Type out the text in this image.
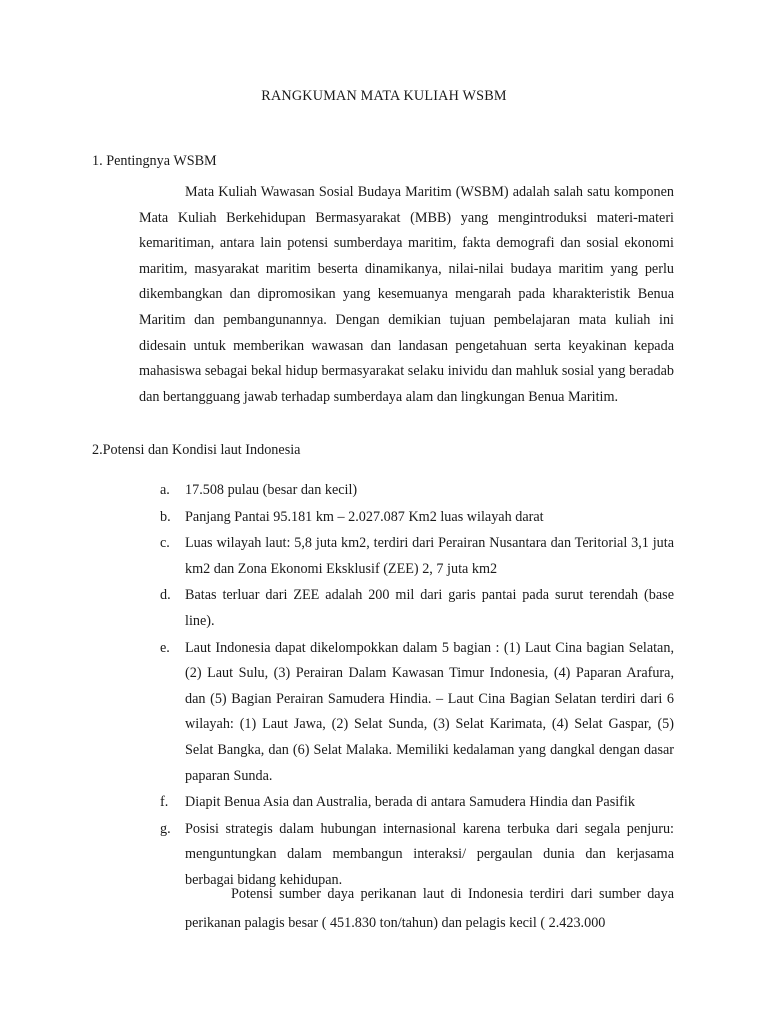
RANGKUMAN MATA KULIAH WSBM
1. Pentingnya WSBM

Mata Kuliah Wawasan Sosial Budaya Maritim (WSBM) adalah salah satu komponen Mata Kuliah Berkehidupan Bermasyarakat (MBB) yang mengintroduksi materi-materi kemaritiman, antara lain potensi sumberdaya maritim, fakta demografi dan sosial ekonomi maritim, masyarakat maritim beserta dinamikanya, nilai-nilai budaya maritim yang perlu dikembangkan dan dipromosikan yang kesemuanya mengarah pada kharakteristik Benua Maritim dan pembangunannya. Dengan demikian tujuan pembelajaran mata kuliah ini didesain untuk memberikan wawasan dan landasan pengetahuan serta keyakinan kepada mahasiswa sebagai bekal hidup bermasyarakat selaku inividu dan mahluk sosial yang beradab dan bertangguang jawab terhadap sumberdaya alam dan lingkungan Benua Maritim.

2.Potensi dan Kondisi laut Indonesia
a. 17.508 pulau (besar dan kecil)
b. Panjang Pantai 95.181 km – 2.027.087 Km2 luas wilayah darat
c. Luas wilayah laut: 5,8 juta km2, terdiri dari Perairan Nusantara dan Teritorial 3,1 juta km2 dan Zona Ekonomi Eksklusif (ZEE) 2, 7 juta km2
d. Batas terluar dari ZEE adalah 200 mil dari garis pantai pada surut terendah (base line).
e. Laut Indonesia dapat dikelompokkan dalam 5 bagian : (1) Laut Cina bagian Selatan, (2) Laut Sulu, (3) Perairan Dalam Kawasan Timur Indonesia, (4) Paparan Arafura, dan (5) Bagian Perairan Samudera Hindia. – Laut Cina Bagian Selatan terdiri dari 6 wilayah: (1) Laut Jawa, (2) Selat Sunda, (3) Selat Karimata, (4) Selat Gaspar, (5) Selat Bangka, dan (6) Selat Malaka. Memiliki kedalaman yang dangkal dengan dasar paparan Sunda.
f. Diapit Benua Asia dan Australia, berada di antara Samudera Hindia dan Pasifik
g. Posisi strategis dalam hubungan internasional karena terbuka dari segala penjuru: menguntungkan dalam membangun interaksi/ pergaulan dunia dan kerjasama berbagai bidang kehidupan.

Potensi sumber daya perikanan laut di Indonesia terdiri dari sumber daya perikanan palagis besar ( 451.830 ton/tahun) dan pelagis kecil ( 2.423.000
